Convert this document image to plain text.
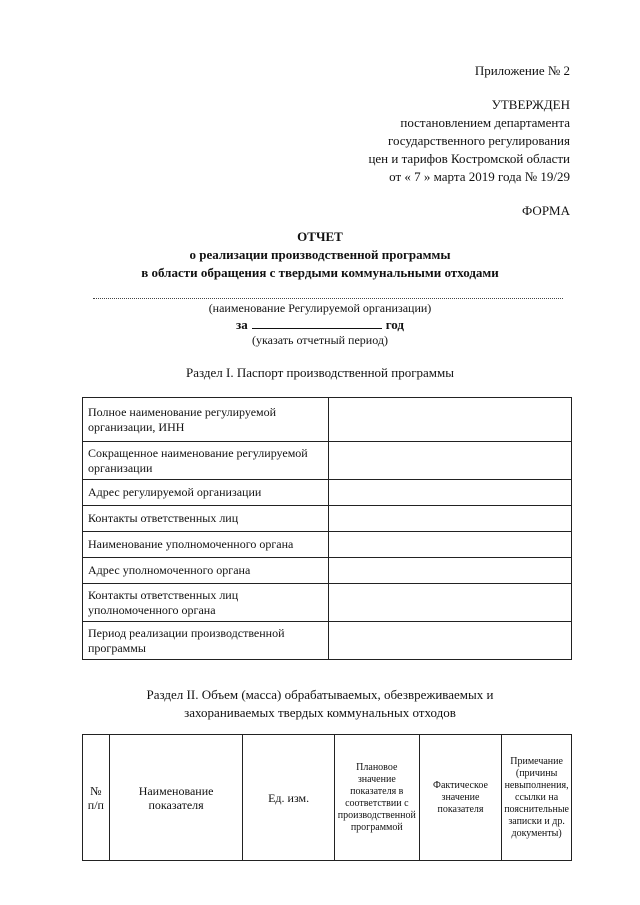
Приложение № 2
УТВЕРЖДЕН
постановлением департамента
государственного регулирования
цен и тарифов Костромской области
от « 7 » марта 2019 года № 19/29
ФОРМА
ОТЧЕТ
о реализации производственной программы
в области обращения с твердыми коммунальными отходами
(наименование Регулируемой организации)
за	год
(указать отчетный период)
Раздел I. Паспорт производственной программы
Полное наименование регулируемой организации, ИНН	
Сокращенное наименование регулируемой организации	
Адрес регулируемой организации	
Контакты ответственных лиц	
Наименование уполномоченного органа	
Адрес уполномоченного органа	
Контакты ответственных лиц уполномоченного органа	
Период реализации производственной программы	
Раздел II. Объем (масса) обрабатываемых, обезвреживаемых и
захораниваемых твердых коммунальных отходов
№ п/п	Наименование показателя	Ед. изм.	Плановое значение показателя в соответствии с производственной программой	Фактическое значение показателя	Примечание (причины невыполнения, ссылки на пояснительные записки и др. документы)
